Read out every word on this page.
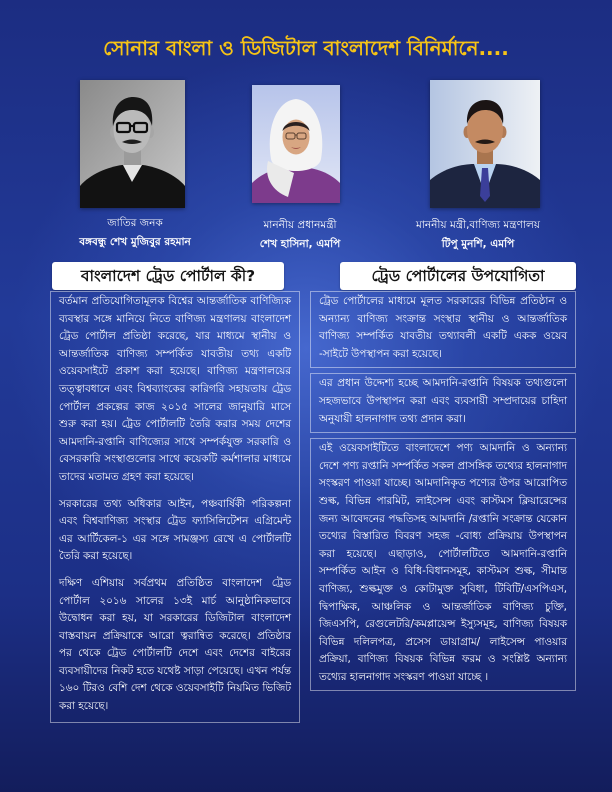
সোনার বাংলা ও ডিজিটাল বাংলাদেশ বিনির্মানে....
জাতির জনক
বঙ্গবন্ধু শেখ মুজিবুর রহমান
মাননীয় প্রধানমন্ত্রী
শেখ হাসিনা, এমপি
মাননীয় মন্ত্রী,বাণিজ্য মন্ত্রণালয়
টিপু মুনশি, এমপি
বাংলাদেশ ট্রেড পোর্টাল কী?	ট্রেড পোর্টালের উপযোগিতা

বর্তমান প্রতিযোগিতামূলক বিশ্বের আন্তর্জাতিক বাণিজ্যিক ব্যবস্থার সঙ্গে মানিয়ে নিতে বাণিজ্য মন্ত্রণালয় বাংলাদেশ ট্রেড পোর্টাল প্রতিষ্ঠা করেছে, যার মাধ্যমে স্থানীয় ও আন্তর্জাতিক বাণিজ্য সম্পর্কিত যাবতীয় তথ্য একটি ওয়েবসাইটে প্রকাশ করা হয়েছে। বাণিজ্য মন্ত্রণালয়ের তত্ত্বাবধানে এবং বিশ্বব্যাংকের কারিগরি সহায়তায় ট্রেড পোর্টাল প্রকল্পের কাজ ২০১৫ সালের জানুয়ারি মাসে শুরু করা হয়। ট্রেড পোর্টালটি তৈরি করার সময় দেশের আমদানি-রপ্তানি বাণিজ্যের সাথে সম্পর্কযুক্ত সরকারি ও বেসরকারি সংস্থাগুলোর সাথে কয়েকটি কর্মশালার মাধ্যমে তাদের মতামত গ্রহণ করা হয়েছে।

সরকারের তথ্য অধিকার আইন, পঞ্চবার্ষিকী পরিকল্পনা এবং বিশ্ববাণিজ্য সংস্থার ট্রেড ফ্যাসিলিটেশন এগ্রিমেন্ট এর আর্টিকেল-১ এর সঙ্গে সামঞ্জস্য রেখে এ পোর্টালটি তৈরি করা হয়েছে।

দক্ষিণ এশিয়ায় সর্বপ্রথম প্রতিষ্ঠিত বাংলাদেশ ট্রেড পোর্টাল ২০১৬ সালের ১৩ই মার্চ আনুষ্ঠানিকভাবে উদ্বোধন করা হয়, যা সরকারের ডিজিটাল বাংলাদেশ বাস্তবায়ন প্রক্রিয়াকে আরো ত্বরান্বিত করেছে। প্রতিষ্ঠার পর থেকে ট্রেড পোর্টালটি দেশে এবং দেশের বাইরের ব্যবসায়ীদের নিকট হতে যথেষ্ট সাড়া পেয়েছে। এখন পর্যন্ত ১৬০ টিরও বেশি দেশ থেকে ওয়েবসাইটি নিয়মিত ভিজিট করা হয়েছে।

ট্রেড পোর্টালের মাধ্যমে মূলত সরকারের বিভিন্ন প্রতিষ্ঠান ও অন্যান্য বাণিজ্য সংক্রান্ত সংস্থার স্থানীয় ও আন্তর্জাতিক বাণিজ্য সম্পর্কিত যাবতীয় তথ্যাবলী একটি একক ওয়েব -সাইটে উপস্থাপন করা হয়েছে।

এর প্রধান উদ্দেশ্য হচ্ছে আমদানি-রপ্তানি বিষয়ক তথ্যগুলো সহজভাবে উপস্থাপন করা এবং ব্যবসায়ী সম্প্রদায়ের চাহিদা অনুযায়ী হালনাগাদ তথ্য প্রদান করা।

এই ওয়েবসাইটিতে বাংলাদেশে পণ্য আমদানি ও অন্যান্য দেশে পণ্য রপ্তানি সম্পর্কিত সকল প্রাসঙ্গিক তথ্যের হালনাগাদ সংস্করণ পাওয়া যাচ্ছে। আমদানিকৃত পণ্যের উপর আরোপিত শুল্ক, বিভিন্ন পারমিট, লাইসেন্স এবং কাস্টমস ক্লিয়ারেন্সের জন্য আবেদনের পদ্ধতিসহ আমদানি /রপ্তানি সংক্রান্ত যেকোন তথ্যের বিস্তারিত বিবরণ সহজ -বোধ্য প্রক্রিয়ায় উপস্থাপন করা হয়েছে। এছাড়াও, পোর্টালটিতে আমদানি-রপ্তানি সম্পর্কিত আইন ও বিধি-বিধানসমূহ, কাস্টমস শুল্ক, সীমান্ত বাণিজ্য, শুল্কমুক্ত ও কোটামুক্ত সুবিধা, টিবিটি/এসপিএস, দ্বিপাক্ষিক, আঞ্চলিক ও আন্তর্জাতিক বাণিজ্য চুক্তি, জিএসপি, রেগুলেটরি/কমপ্লায়েন্স ইস্যুসমূহ, বাণিজ্য বিষয়ক বিভিন্ন দলিলপত্র, প্রসেস ডায়াগ্রাম/ লাইসেন্স পাওয়ার প্রক্রিয়া, বাণিজ্য বিষয়ক বিভিন্ন ফরম ও সংশ্লিষ্ট অন্যান্য তথ্যের হালনাগাদ সংস্করণ পাওয়া যাচ্ছে ।
